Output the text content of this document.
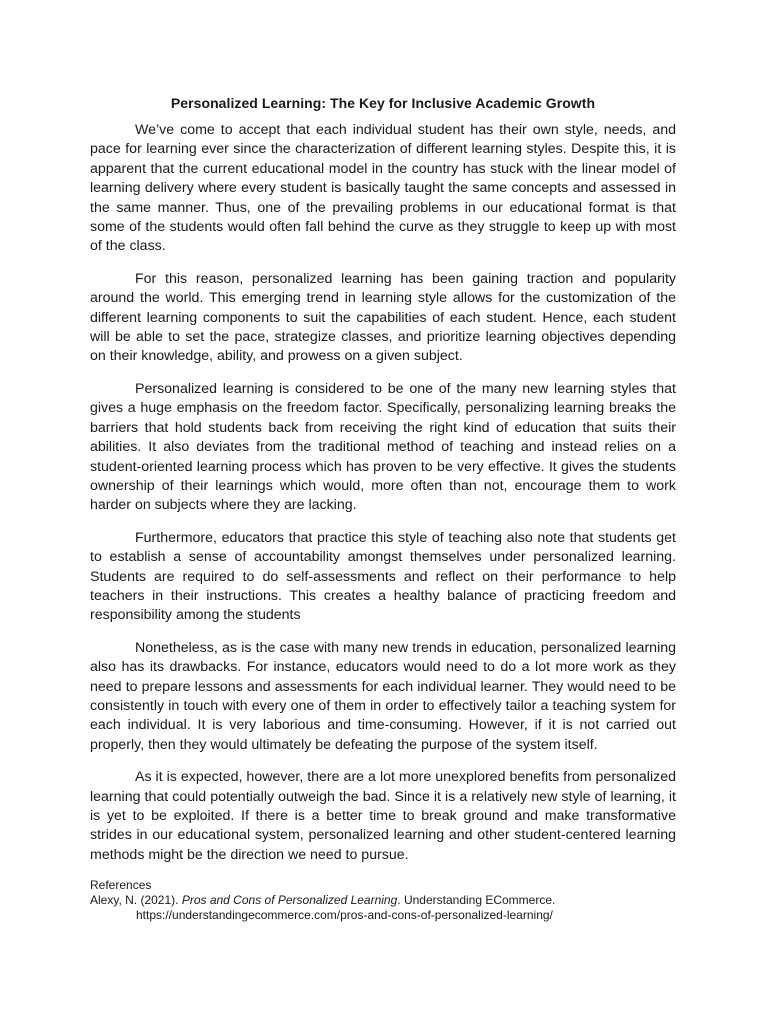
Personalized Learning: The Key for Inclusive Academic Growth

We’ve come to accept that each individual student has their own style, needs, and pace for learning ever since the characterization of different learning styles. Despite this, it is apparent that the current educational model in the country has stuck with the linear model of learning delivery where every student is basically taught the same concepts and assessed in the same manner. Thus, one of the prevailing problems in our educational format is that some of the students would often fall behind the curve as they struggle to keep up with most of the class.

For this reason, personalized learning has been gaining traction and popularity around the world. This emerging trend in learning style allows for the customization of the different learning components to suit the capabilities of each student. Hence, each student will be able to set the pace, strategize classes, and prioritize learning objectives depending on their knowledge, ability, and prowess on a given subject.

Personalized learning is considered to be one of the many new learning styles that gives a huge emphasis on the freedom factor. Specifically, personalizing learning breaks the barriers that hold students back from receiving the right kind of education that suits their abilities. It also deviates from the traditional method of teaching and instead relies on a student-oriented learning process which has proven to be very effective. It gives the students ownership of their learnings which would, more often than not, encourage them to work harder on subjects where they are lacking.

Furthermore, educators that practice this style of teaching also note that students get to establish a sense of accountability amongst themselves under personalized learning. Students are required to do self-assessments and reflect on their performance to help teachers in their instructions. This creates a healthy balance of practicing freedom and responsibility among the students

Nonetheless, as is the case with many new trends in education, personalized learning also has its drawbacks. For instance, educators would need to do a lot more work as they need to prepare lessons and assessments for each individual learner. They would need to be consistently in touch with every one of them in order to effectively tailor a teaching system for each individual. It is very laborious and time-consuming. However, if it is not carried out properly, then they would ultimately be defeating the purpose of the system itself.

As it is expected, however, there are a lot more unexplored benefits from personalized learning that could potentially outweigh the bad. Since it is a relatively new style of learning, it is yet to be exploited. If there is a better time to break ground and make transformative strides in our educational system, personalized learning and other student-centered learning methods might be the direction we need to pursue.

References

Alexy, N. (2021). Pros and Cons of Personalized Learning. Understanding ECommerce. https://understandingecommerce.com/pros-and-cons-of-personalized-learning/
